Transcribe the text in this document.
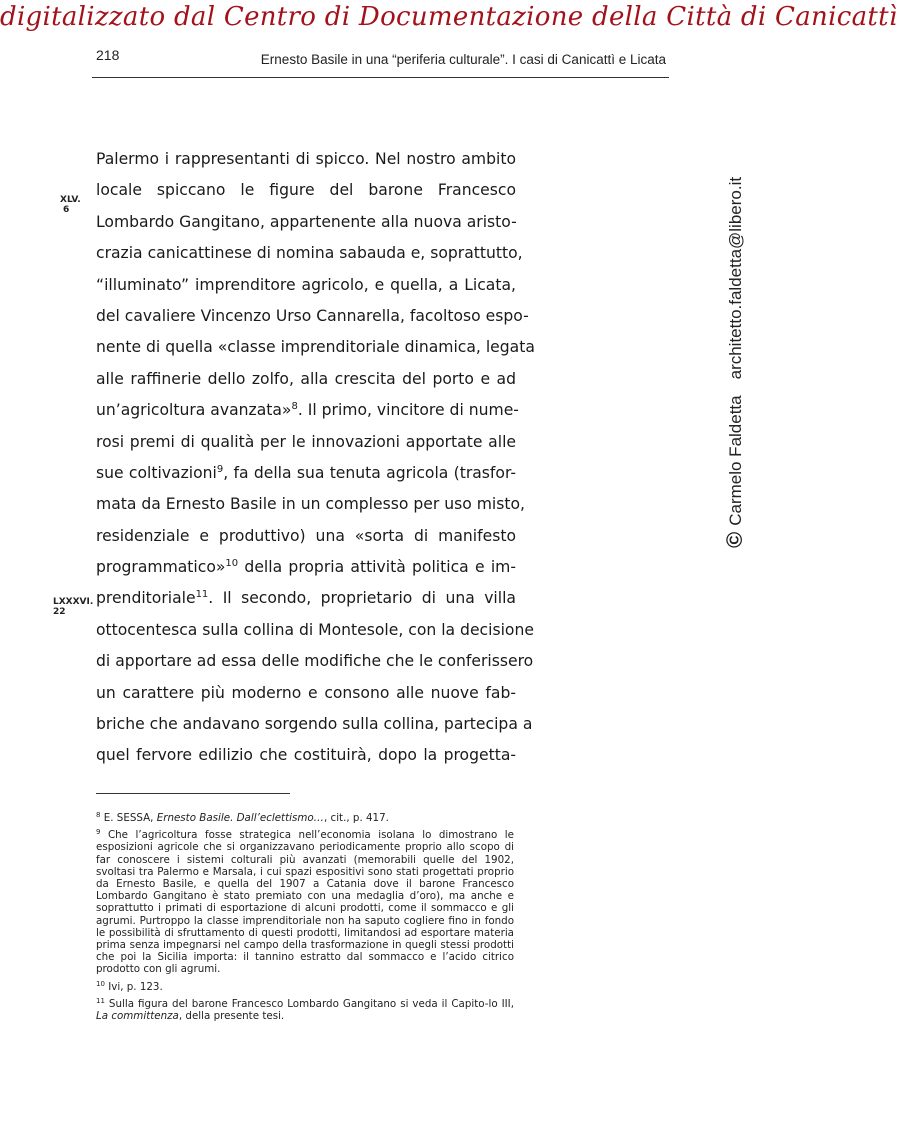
digitalizzato dal Centro di Documentazione della Città di Canicattì
218	Ernesto Basile in una “periferia culturale”. I casi di Canicattì e Licata
XLV.
6
LXXXVI.
22
Palermo i rappresentanti di spicco. Nel nostro ambito
locale spiccano le figure del barone Francesco
Lombardo Gangitano, appartenente alla nuova aristo-
crazia canicattinese di nomina sabauda e, soprattutto,
“illuminato” imprenditore agricolo, e quella, a Licata,
del cavaliere Vincenzo Urso Cannarella, facoltoso espo-
nente di quella «classe imprenditoriale dinamica, legata
alle raffinerie dello zolfo, alla crescita del porto e ad
un’agricoltura avanzata»$^8$. Il primo, vincitore di nume-
rosi premi di qualità per le innovazioni apportate alle
sue coltivazioni$^9$, fa della sua tenuta agricola (trasfor-
mata da Ernesto Basile in un complesso per uso misto,
residenziale e produttivo) una «sorta di manifesto
programmatico»$^{10}$ della propria attività politica e im-
prenditoriale$^{11}$. Il secondo, proprietario di una villa
ottocentesca sulla collina di Montesole, con la decisione
di apportare ad essa delle modifiche che le conferissero
un carattere più moderno e consono alle nuove fab-
briche che andavano sorgendo sulla collina, partecipa a
quel fervore edilizio che costituirà, dopo la progetta-
©Carmelo Faldettaarchitetto.faldetta@libero.it

$^8$ E. SESSA, Ernesto Basile. Dall’eclettismo…, cit., p. 417.

$^9$ Che l’agricoltura fosse strategica nell’economia isolana lo dimostrano le esposizioni agricole che si organizzavano periodicamente proprio allo scopo di far conoscere i sistemi colturali più avanzati (memorabili quelle del 1902, svoltasi tra Palermo e Marsala, i cui spazi espositivi sono stati progettati proprio da Ernesto Basile, e quella del 1907 a Catania dove il barone Francesco Lombardo Gangitano è stato premiato con una medaglia d’oro), ma anche e soprattutto i primati di esportazione di alcuni prodotti, come il sommacco e gli agrumi. Purtroppo la classe imprenditoriale non ha saputo cogliere fino in fondo le possibilità di sfruttamento di questi prodotti, limitandosi ad esportare materia prima senza impegnarsi nel campo della trasformazione in quegli stessi prodotti che poi la Sicilia importa: il tannino estratto dal sommacco e l’acido citrico prodotto con gli agrumi.

$^{10}$ Ivi, p. 123.

$^{11}$ Sulla figura del barone Francesco Lombardo Gangitano si veda il Capito-lo III, La committenza, della presente tesi.
